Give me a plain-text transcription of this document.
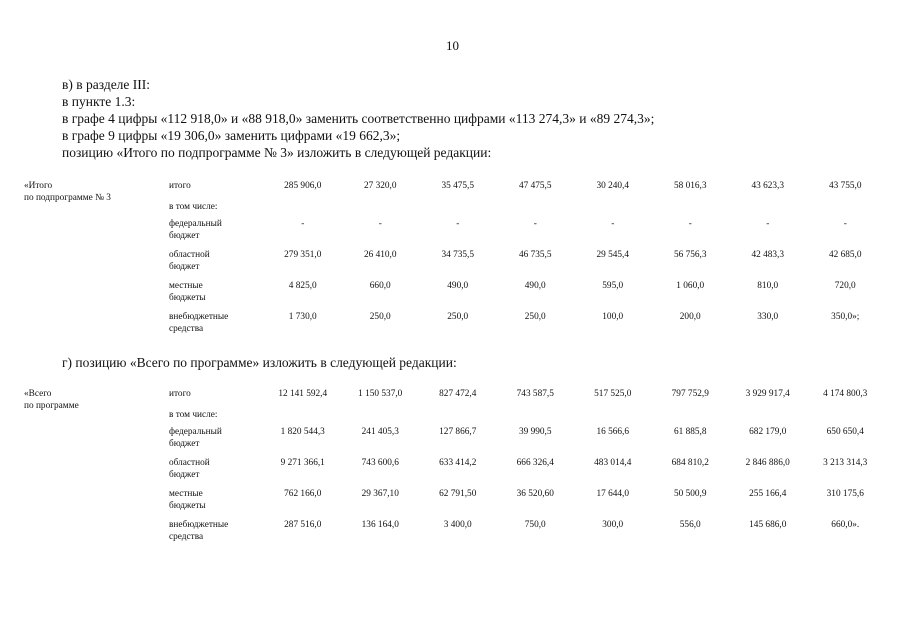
10
в) в разделе III:
в пункте 1.3:
в графе 4 цифры «112 918,0» и «88 918,0» заменить соответственно цифрами «113 274,3» и «89 274,3»;
в графе 9 цифры «19 306,0» заменить цифрами «19 662,3»;
позицию «Итого по подпрограмме № 3» изложить в следующей редакции:
«Итого
по подпрограмме № 3	итого	285 906,0	27 320,0	35 475,5	47 475,5	30 240,4	58 016,3	43 623,3	43 755,0

	в том числе:								

	федеральный
бюджет	-	-	-	-	-	-	-	-

	областной
бюджет	279 351,0	26 410,0	34 735,5	46 735,5	29 545,4	56 756,3	42 483,3	42 685,0

	местные
бюджеты	4 825,0	660,0	490,0	490,0	595,0	1 060,0	810,0	720,0

	внебюджетные
средства	1 730,0	250,0	250,0	250,0	100,0	200,0	330,0	350,0»;
г) позицию «Всего по программе» изложить в следующей редакции:
«Всего
по программе	итого	12 141 592,4	1 150 537,0	827 472,4	743 587,5	517 525,0	797 752,9	3 929 917,4	4 174 800,3

	в том числе:								

	федеральный
бюджет	1 820 544,3	241 405,3	127 866,7	39 990,5	16 566,6	61 885,8	682 179,0	650 650,4

	областной
бюджет	9 271 366,1	743 600,6	633 414,2	666 326,4	483 014,4	684 810,2	2 846 886,0	3 213 314,3

	местные
бюджеты	762 166,0	29 367,10	62 791,50	36 520,60	17 644,0	50 500,9	255 166,4	310 175,6

	внебюджетные
средства	287 516,0	136 164,0	3 400,0	750,0	300,0	556,0	145 686,0	660,0».
